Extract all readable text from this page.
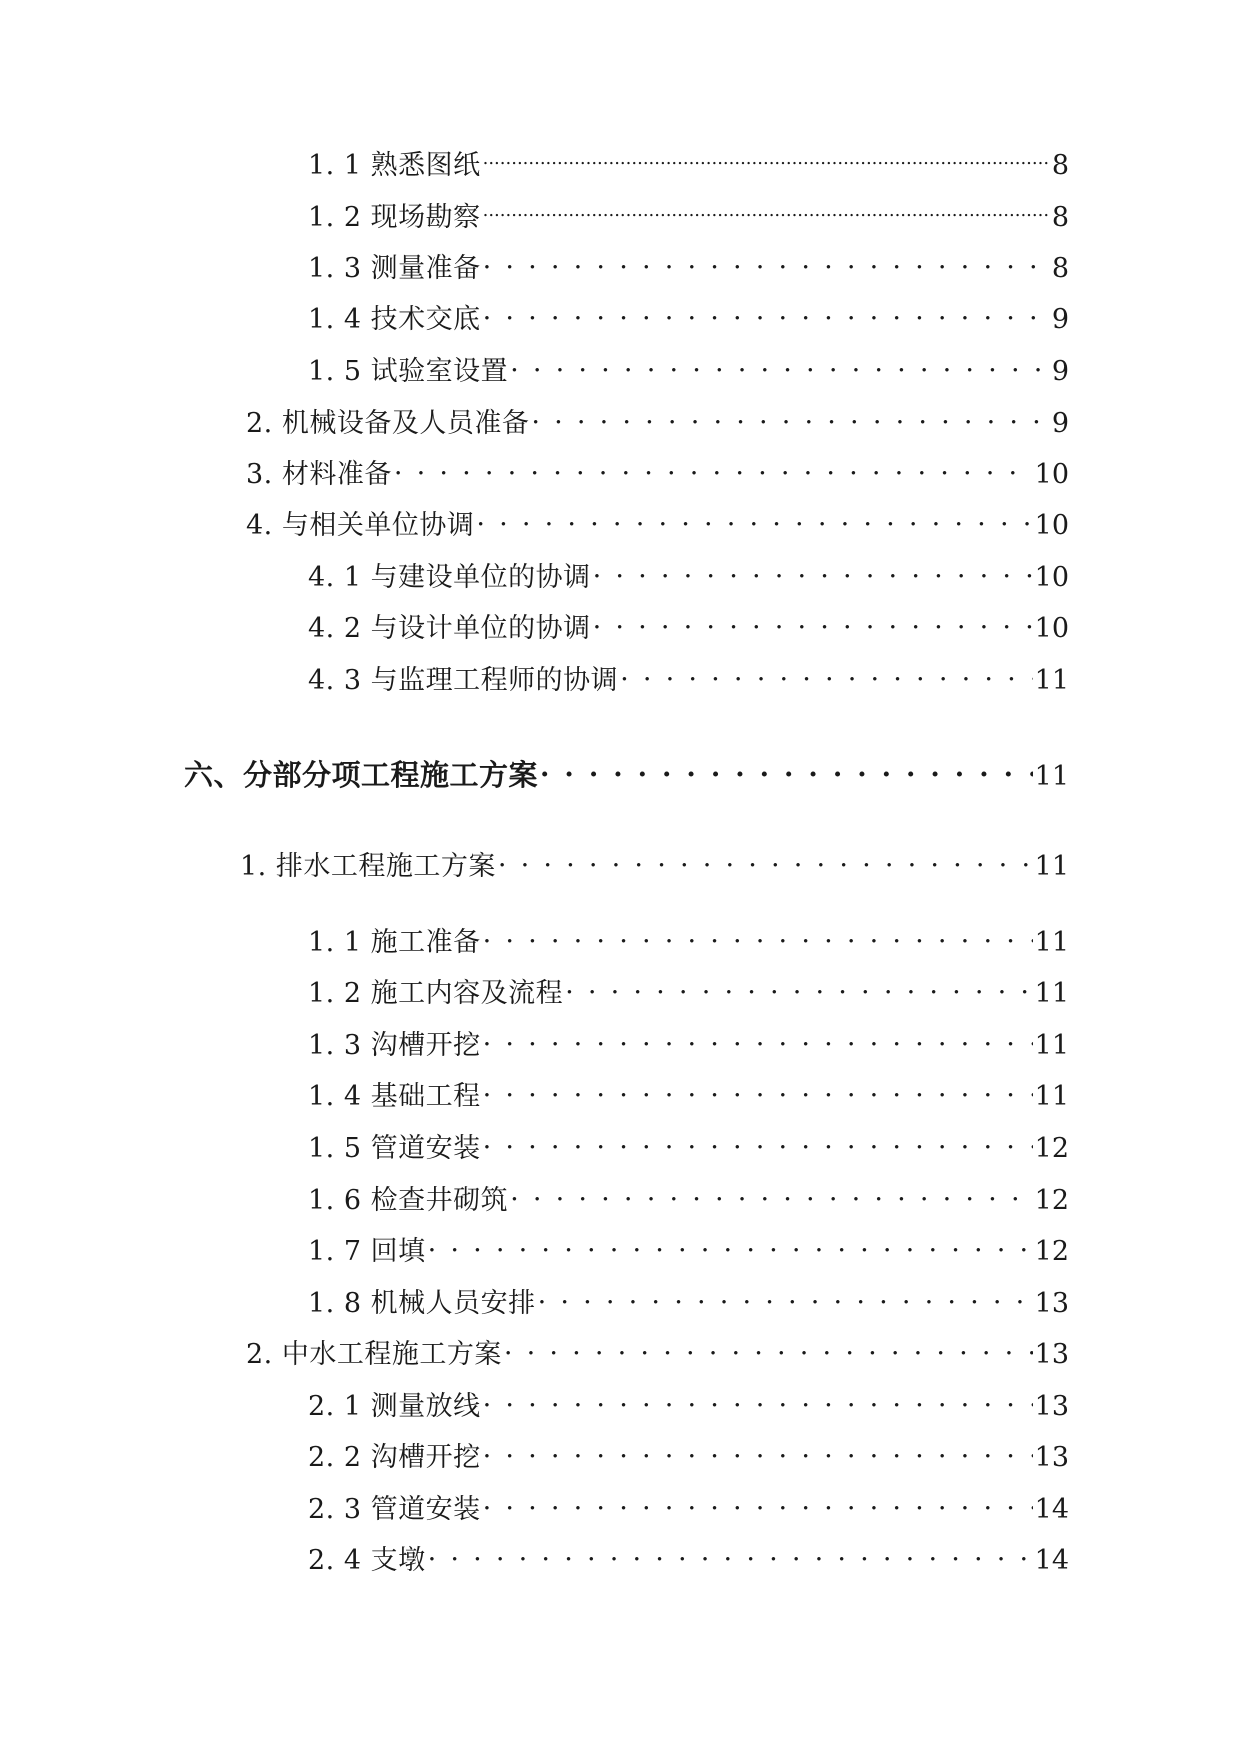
1. 1 熟悉图纸 .....	8
1. 2 现场勘察 .....	8
1. 3 测量准备 . . .	8
1. 4 技术交底 . . .	9
1. 5 试验室设置 . . .	9
2. 机械设备及人员准备 . . .	9
3. 材料准备 . . .	10
4. 与相关单位协调 . . .	10
4. 1 与建设单位的协调 . . .	10
4. 2 与设计单位的协调 . . .	10
4. 3 与监理工程师的协调 . . .	11
六、分部分项工程施工方案 . . .	11
1. 排水工程施工方案 . . .	11
1. 1 施工准备 . . .	11
1. 2 施工内容及流程 . . .	11
1. 3 沟槽开挖 . . .	11
1. 4 基础工程 . . .	11
1. 5 管道安装 . . .	12
1. 6 检查井砌筑 . . .	12
1. 7 回填 . . .	12
1. 8 机械人员安排 . . .	13
2. 中水工程施工方案 . . .	13
2. 1 测量放线 . . .	13
2. 2 沟槽开挖 . . .	13
2. 3 管道安装 . . .	14
2. 4 支墩 . . .	14
